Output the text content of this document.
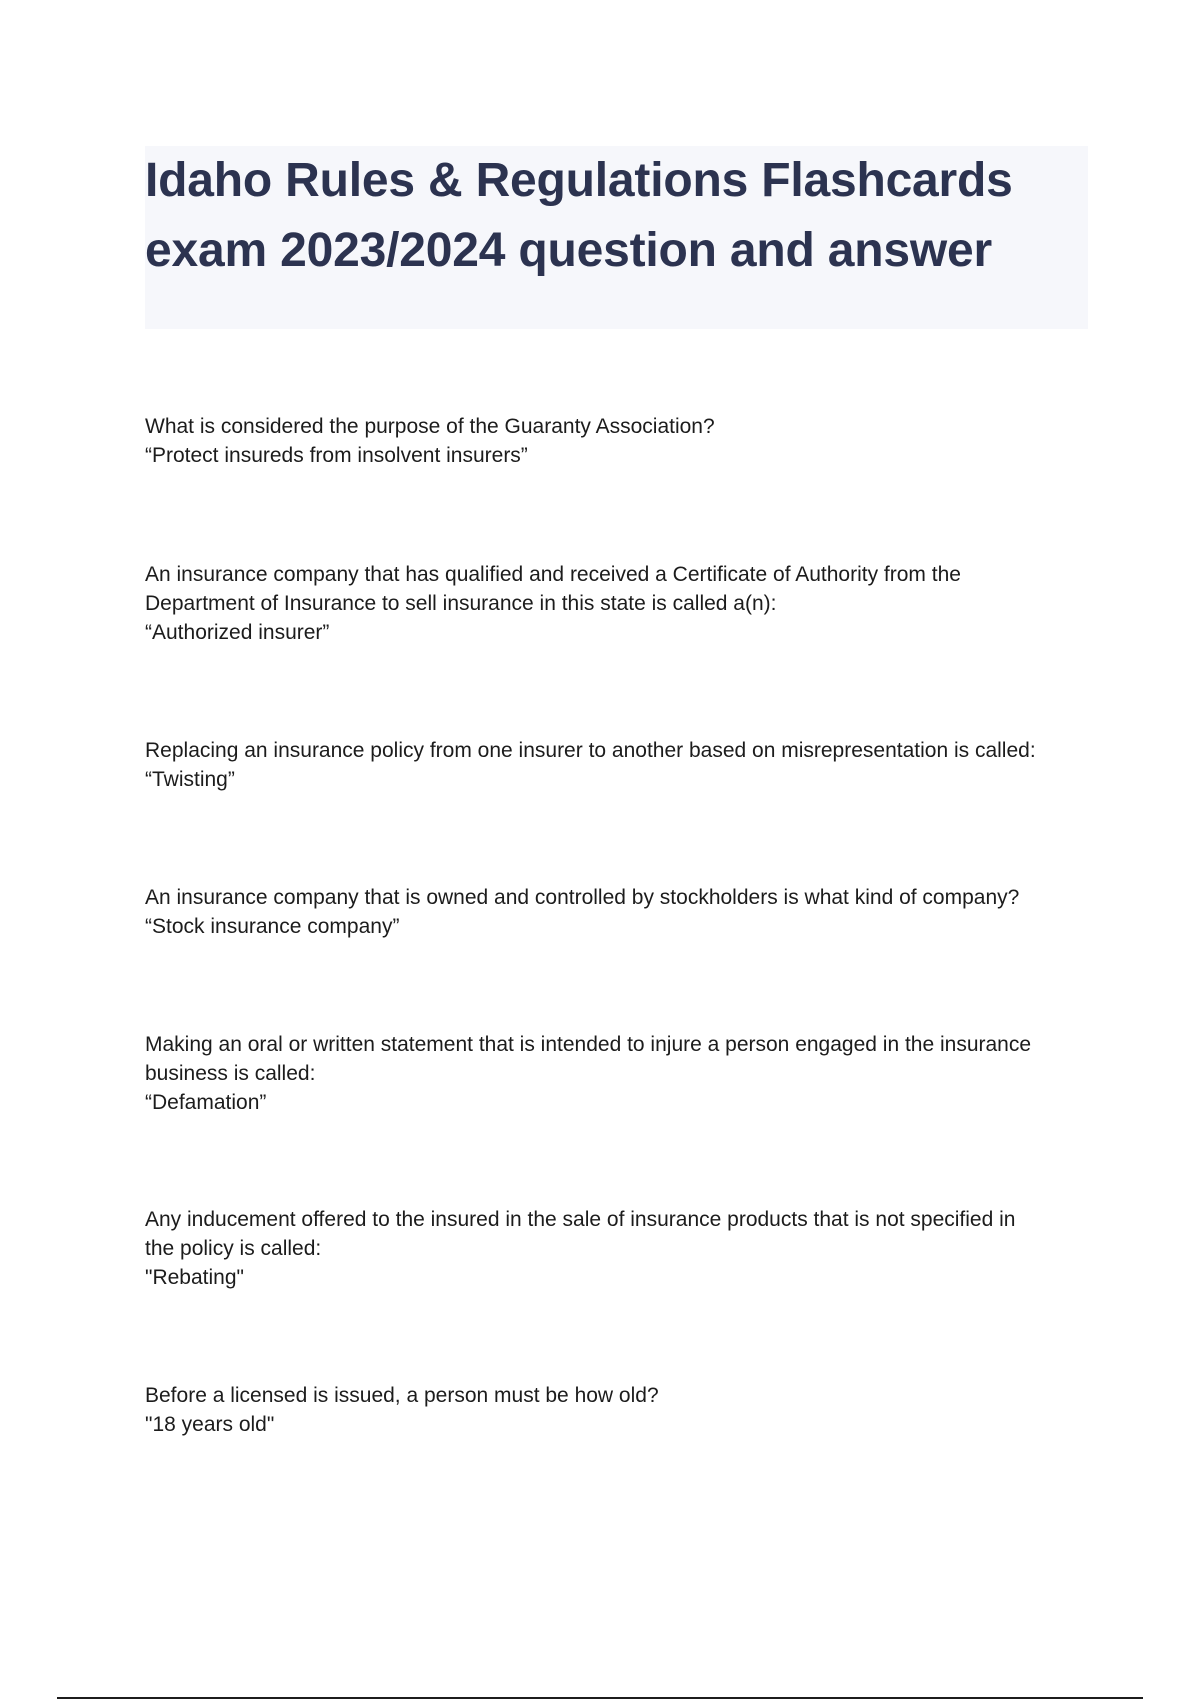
Idaho Rules & Regulations Flashcards
exam 2023/2024 question and answer
What is considered the purpose of the Guaranty Association?
“Protect insureds from insolvent insurers”
An insurance company that has qualified and received a Certificate of Authority from the
Department of Insurance to sell insurance in this state is called a(n):
“Authorized insurer”
Replacing an insurance policy from one insurer to another based on misrepresentation is called:
“Twisting”
An insurance company that is owned and controlled by stockholders is what kind of company?
“Stock insurance company”
Making an oral or written statement that is intended to injure a person engaged in the insurance
business is called:
“Defamation”
Any inducement offered to the insured in the sale of insurance products that is not specified in
the policy is called:
"Rebating"
Before a licensed is issued, a person must be how old?
"18 years old"
